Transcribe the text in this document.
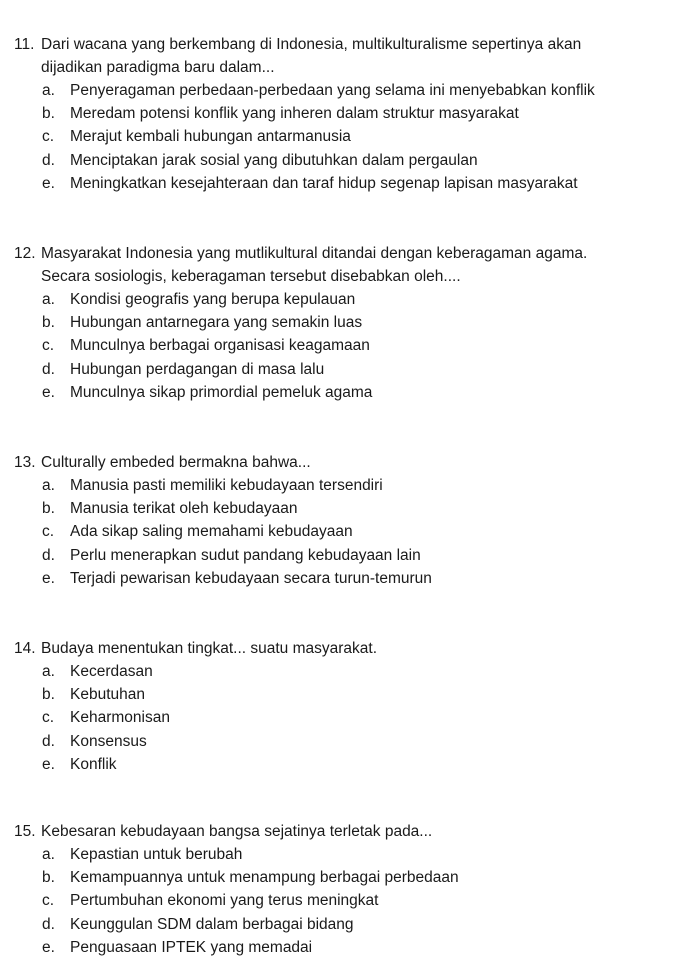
11. Dari wacana yang berkembang di Indonesia, multikulturalisme sepertinya akan
dijadikan paradigma baru dalam...
a. Penyeragaman perbedaan-perbedaan yang selama ini menyebabkan konflik
b. Meredam potensi konflik yang inheren dalam struktur masyarakat
c. Merajut kembali hubungan antarmanusia
d. Menciptakan jarak sosial yang dibutuhkan dalam pergaulan
e. Meningkatkan kesejahteraan dan taraf hidup segenap lapisan masyarakat
12. Masyarakat Indonesia yang mutlikultural ditandai dengan keberagaman agama.
Secara sosiologis, keberagaman tersebut disebabkan oleh....
a. Kondisi geografis yang berupa kepulauan
b. Hubungan antarnegara yang semakin luas
c. Munculnya berbagai organisasi keagamaan
d. Hubungan perdagangan di masa lalu
e. Munculnya sikap primordial pemeluk agama
13. Culturally embeded bermakna bahwa...
a. Manusia pasti memiliki kebudayaan tersendiri
b. Manusia terikat oleh kebudayaan
c. Ada sikap saling memahami kebudayaan
d. Perlu menerapkan sudut pandang kebudayaan lain
e. Terjadi pewarisan kebudayaan secara turun-temurun
14. Budaya menentukan tingkat... suatu masyarakat.
a. Kecerdasan
b. Kebutuhan
c. Keharmonisan
d. Konsensus
e. Konflik
15. Kebesaran kebudayaan bangsa sejatinya terletak pada...
a. Kepastian untuk berubah
b. Kemampuannya untuk menampung berbagai perbedaan
c. Pertumbuhan ekonomi yang terus meningkat
d. Keunggulan SDM dalam berbagai bidang
e. Penguasaan IPTEK yang memadai
